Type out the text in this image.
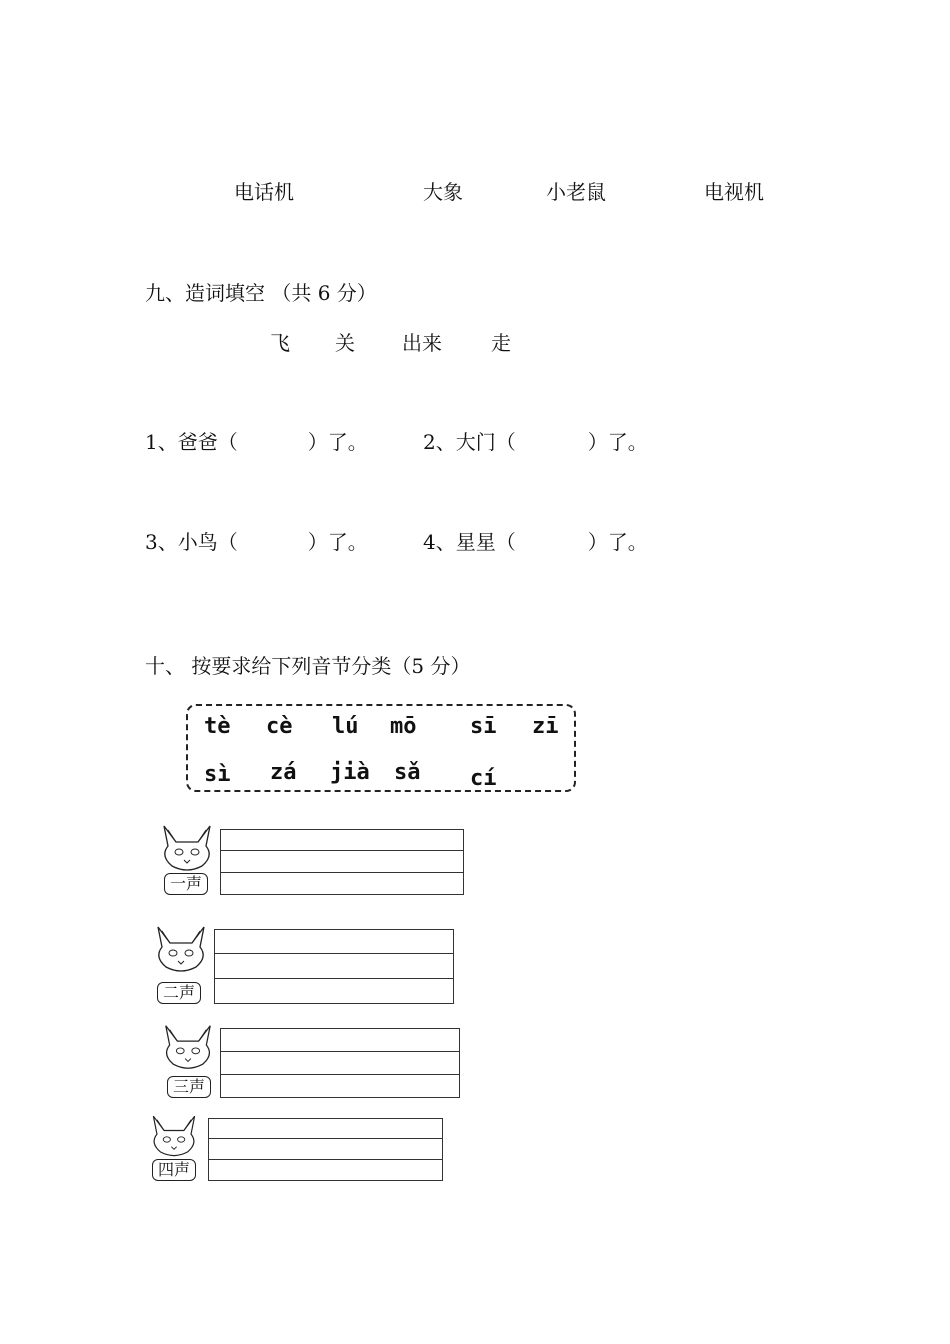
电话机	大象	小老鼠	电视机
九、造词填空 （共 6 分）
飞 关 出来 走
1、爸爸（	）了。	2、大门（	）了。
3、小鸟（	）了。	4、星星（	）了。
十、 按要求给下列音节分类（5 分）
tè cè lú mō sī zī
sì zá jià sǎ cí
一声
二声
三声
四声
